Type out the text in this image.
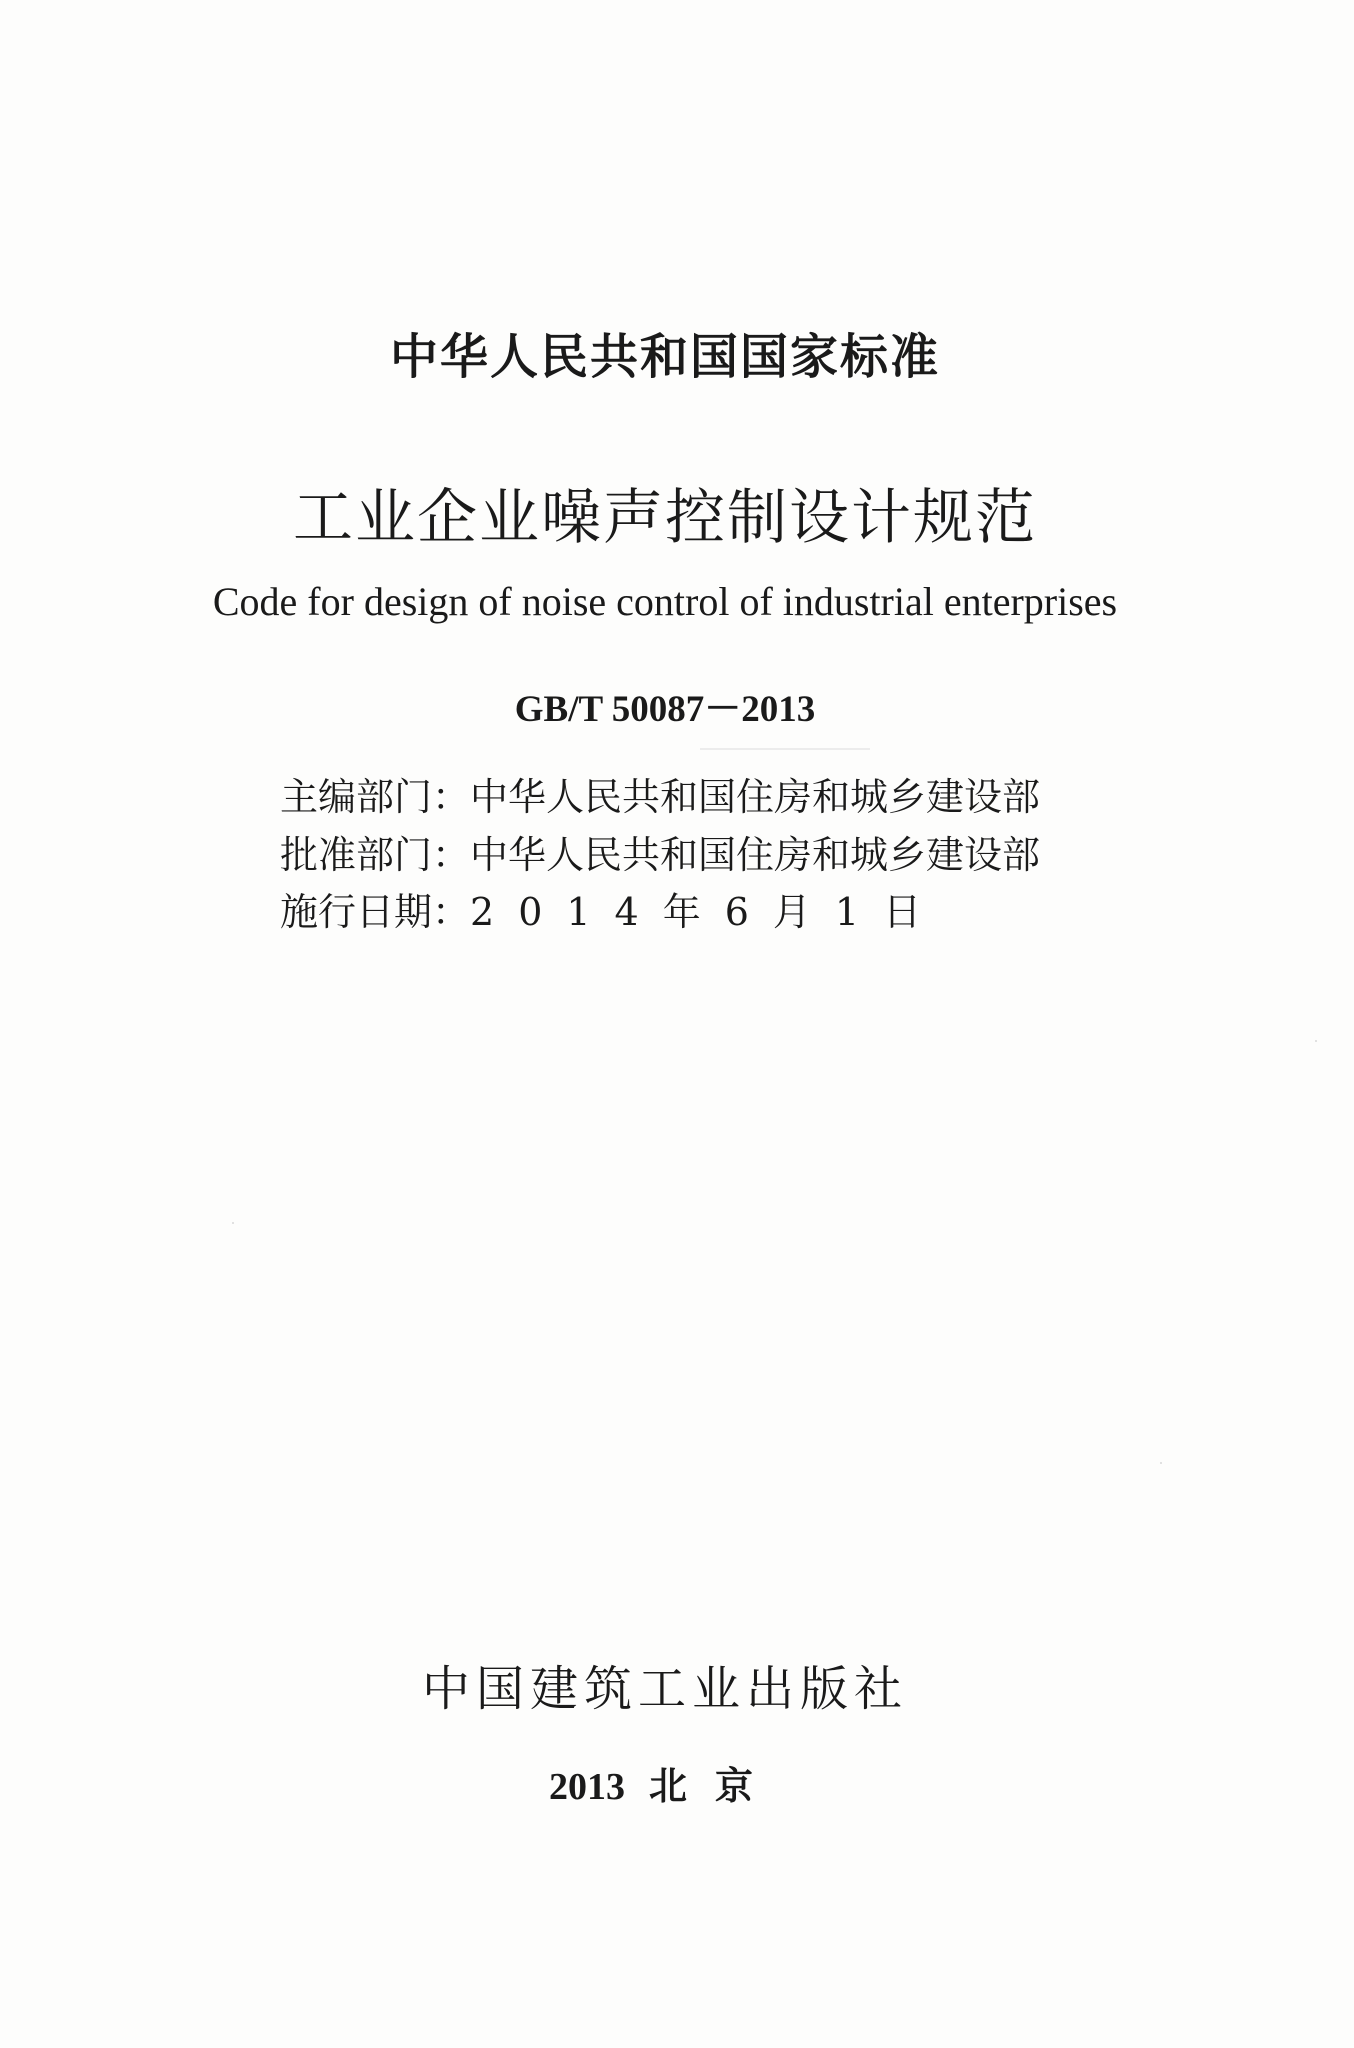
中华人民共和国国家标准
工业企业噪声控制设计规范
Code for design of noise control of industrial enterprises
GB/T 50087－2013
主编部门：中华人民共和国住房和城乡建设部
批准部门：中华人民共和国住房和城乡建设部
施行日期：2014年6月1日
中国建筑工业出版社
2013 北京
